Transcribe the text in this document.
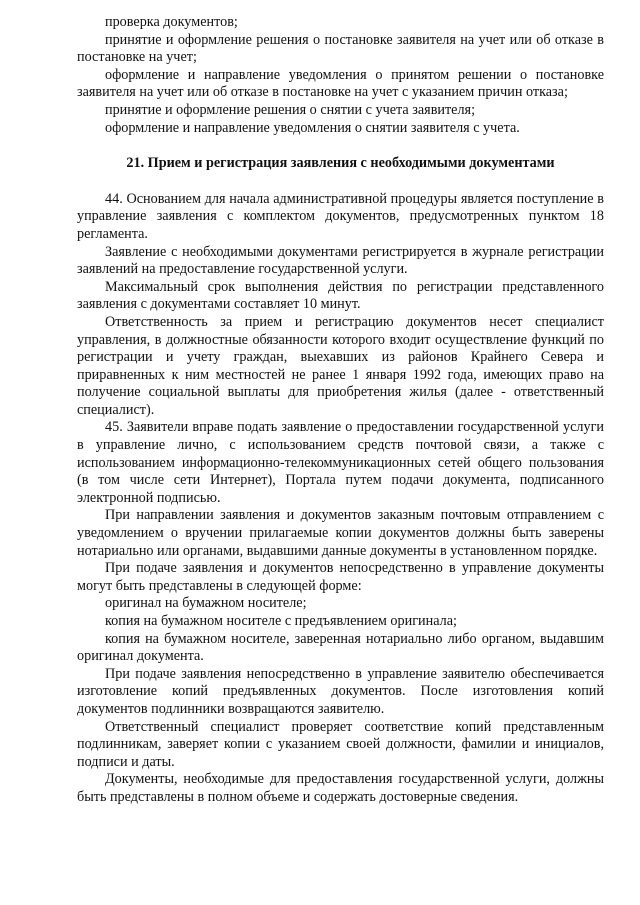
проверка документов;

принятие и оформление решения о постановке заявителя на учет или об отказе в постановке на учет;

оформление и направление уведомления о принятом решении о постановке заявителя на учет или об отказе в постановке на учет с указанием причин отказа;

принятие и оформление решения о снятии с учета заявителя;

оформление и направление уведомления о снятии заявителя с учета.

21. Прием и регистрация заявления с необходимыми документами

44. Основанием для начала административной процедуры является поступление в управление заявления с комплектом документов, предусмотренных пунктом 18 регламента.

Заявление с необходимыми документами регистрируется в журнале регистрации заявлений на предоставление государственной услуги.

Максимальный срок выполнения действия по регистрации представленного заявления с документами составляет 10 минут.

Ответственность за прием и регистрацию документов несет специалист управления, в должностные обязанности которого входит осуществление функций по регистрации и учету граждан, выехавших из районов Крайнего Севера и приравненных к ним местностей не ранее 1 января 1992 года, имеющих право на получение социальной выплаты для приобретения жилья (далее - ответственный специалист).

45. Заявители вправе подать заявление о предоставлении государственной услуги в управление лично, с использованием средств почтовой связи, а также с использованием информационно-телекоммуникационных сетей общего пользования (в том числе сети Интернет), Портала путем подачи документа, подписанного электронной подписью.

При направлении заявления и документов заказным почтовым отправлением с уведомлением о вручении прилагаемые копии документов должны быть заверены нотариально или органами, выдавшими данные документы в установленном порядке.

При подаче заявления и документов непосредственно в управление документы могут быть представлены в следующей форме:

оригинал на бумажном носителе;

копия на бумажном носителе с предъявлением оригинала;

копия на бумажном носителе, заверенная нотариально либо органом, выдавшим оригинал документа.

При подаче заявления непосредственно в управление заявителю обеспечивается изготовление копий предъявленных документов. После изготовления копий документов подлинники возвращаются заявителю.

Ответственный специалист проверяет соответствие копий представленным подлинникам, заверяет копии с указанием своей должности, фамилии и инициалов, подписи и даты.

Документы, необходимые для предоставления государственной услуги, должны быть представлены в полном объеме и содержать достоверные сведения.
